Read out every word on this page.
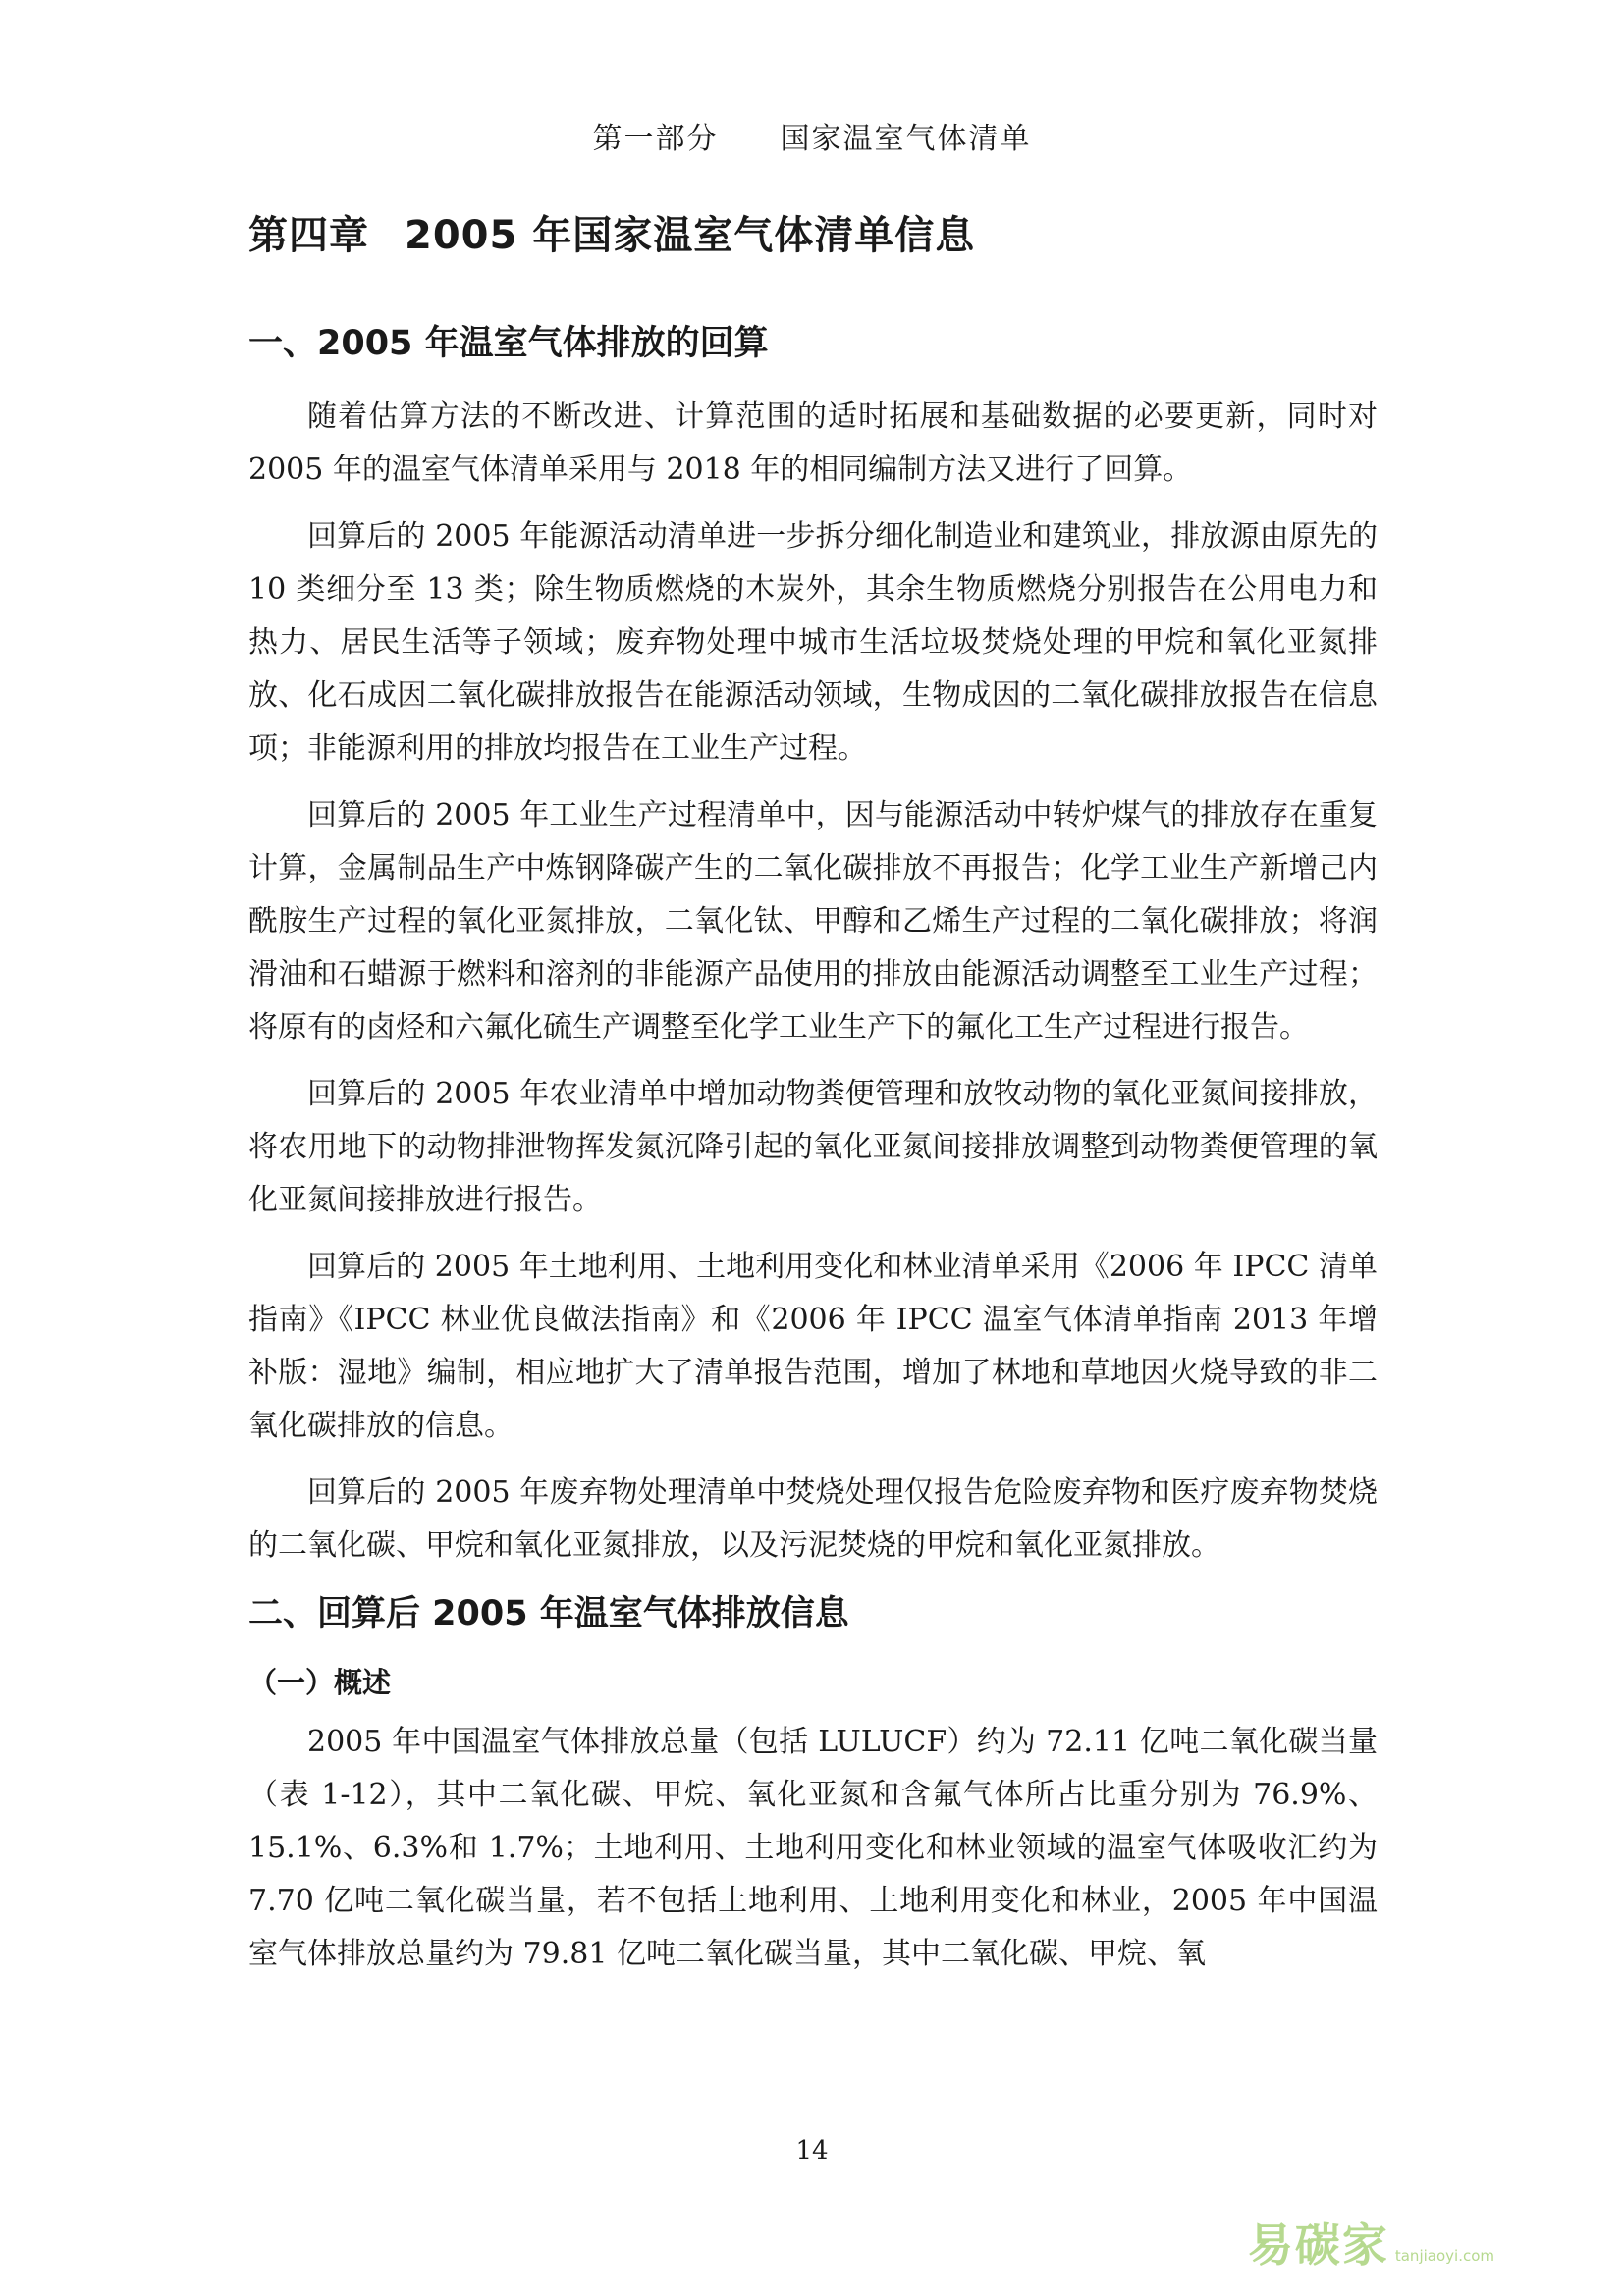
第一部分 国家温室气体清单
第四章 2005 年国家温室气体清单信息
一、2005 年温室气体排放的回算

随着估算方法的不断改进、计算范围的适时拓展和基础数据的必要更新，同时对 2005 年的温室气体清单采用与 2018 年的相同编制方法又进行了回算。

回算后的 2005 年能源活动清单进一步拆分细化制造业和建筑业，排放源由原先的 10 类细分至 13 类；除生物质燃烧的木炭外，其余生物质燃烧分别报告在公用电力和热力、居民生活等子领域；废弃物处理中城市生活垃圾焚烧处理的甲烷和氧化亚氮排放、化石成因二氧化碳排放报告在能源活动领域，生物成因的二氧化碳排放报告在信息项；非能源利用的排放均报告在工业生产过程。

回算后的 2005 年工业生产过程清单中，因与能源活动中转炉煤气的排放存在重复计算，金属制品生产中炼钢降碳产生的二氧化碳排放不再报告；化学工业生产新增己内酰胺生产过程的氧化亚氮排放，二氧化钛、甲醇和乙烯生产过程的二氧化碳排放；将润滑油和石蜡源于燃料和溶剂的非能源产品使用的排放由能源活动调整至工业生产过程；将原有的卤烃和六氟化硫生产调整至化学工业生产下的氟化工生产过程进行报告。

回算后的 2005 年农业清单中增加动物粪便管理和放牧动物的氧化亚氮间接排放，将农用地下的动物排泄物挥发氮沉降引起的氧化亚氮间接排放调整到动物粪便管理的氧化亚氮间接排放进行报告。

回算后的 2005 年土地利用、土地利用变化和林业清单采用《2006 年 IPCC 清单指南》《IPCC 林业优良做法指南》和《2006 年 IPCC 温室气体清单指南 2013 年增补版：湿地》编制，相应地扩大了清单报告范围，增加了林地和草地因火烧导致的非二氧化碳排放的信息。

回算后的 2005 年废弃物处理清单中焚烧处理仅报告危险废弃物和医疗废弃物焚烧的二氧化碳、甲烷和氧化亚氮排放，以及污泥焚烧的甲烷和氧化亚氮排放。

二、回算后 2005 年温室气体排放信息
（一）概述

2005 年中国温室气体排放总量（包括 LULUCF）约为 72.11 亿吨二氧化碳当量（表 1-12），其中二氧化碳、甲烷、氧化亚氮和含氟气体所占比重分别为 76.9%、15.1%、6.3%和 1.7%；土地利用、土地利用变化和林业领域的温室气体吸收汇约为 7.70 亿吨二氧化碳当量，若不包括土地利用、土地利用变化和林业，2005 年中国温室气体排放总量约为 79.81 亿吨二氧化碳当量，其中二氧化碳、甲烷、氧

14
易碳家 tanjiaoyi.com
